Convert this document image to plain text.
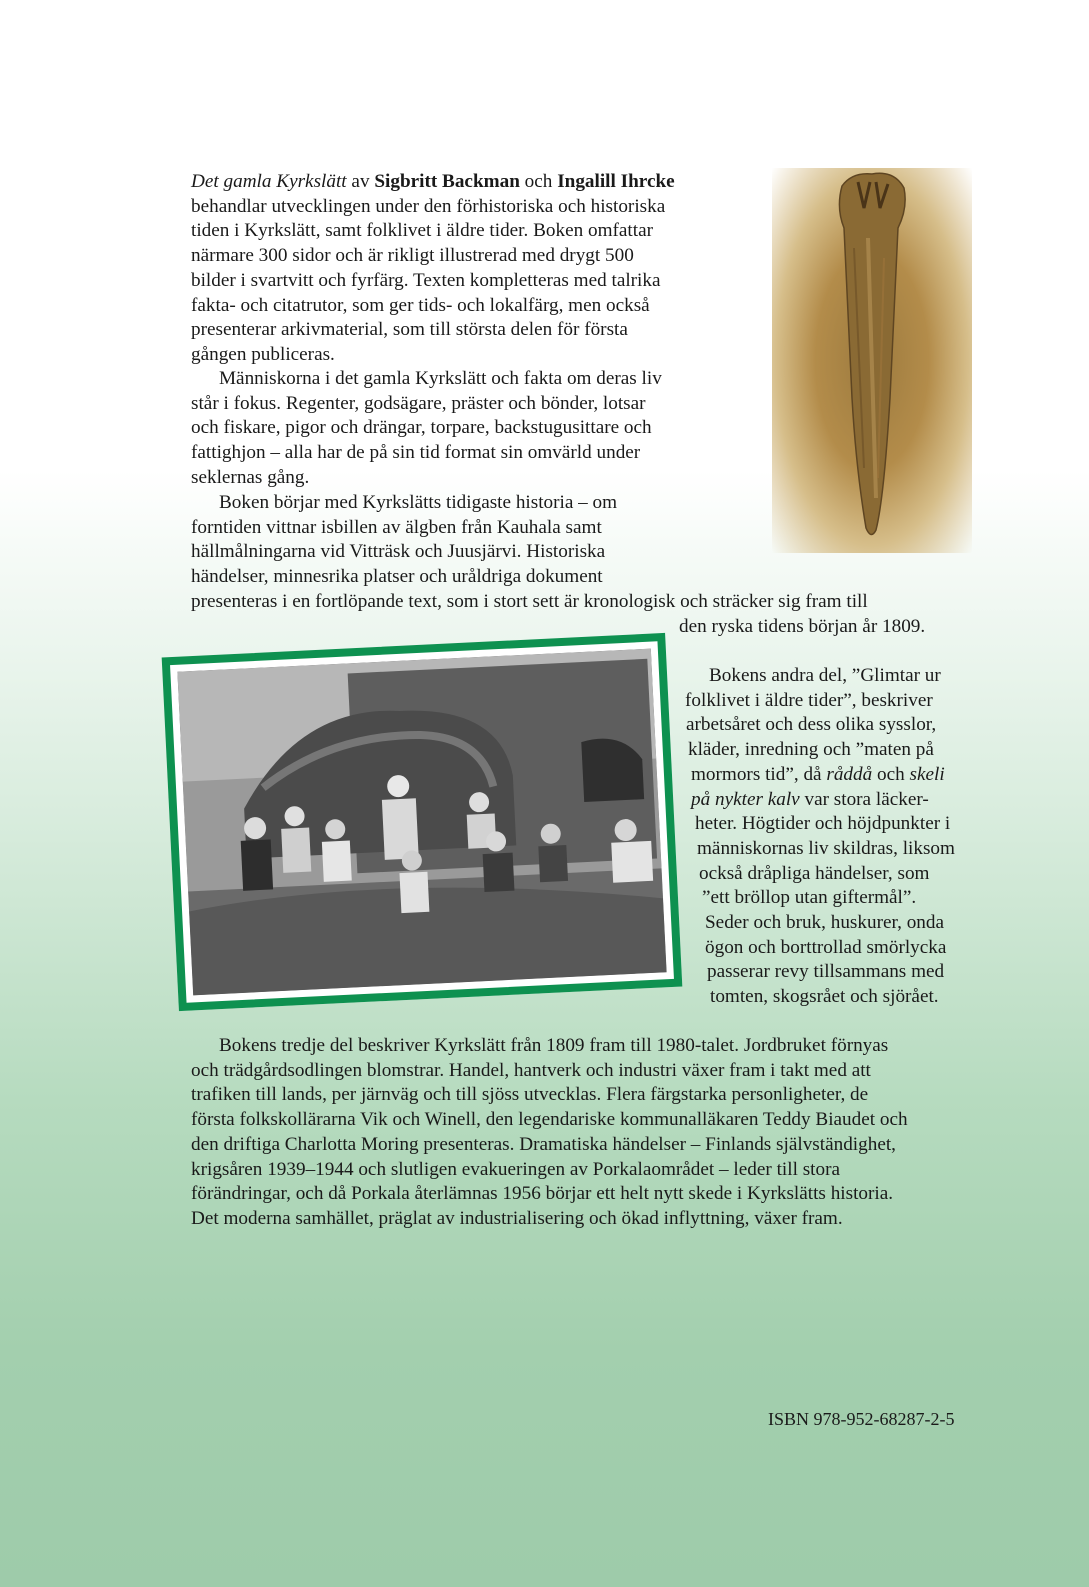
Det gamla Kyrkslätt av Sigbritt Backman och Ingalill Ihrcke
behandlar utvecklingen under den förhistoriska och historiska
tiden i Kyrkslätt, samt folklivet i äldre tider. Boken omfattar
närmare 300 sidor och är rikligt illustrerad med drygt 500
bilder i svartvitt och fyrfärg. Texten kompletteras med talrika
fakta- och citatrutor, som ger tids- och lokalfärg, men också
presenterar arkivmaterial, som till största delen för första
gången publiceras.
Människorna i det gamla Kyrkslätt och fakta om deras liv
står i fokus. Regenter, godsägare, präster och bönder, lotsar
och fiskare, pigor och drängar, torpare, backstugusittare och
fattighjon – alla har de på sin tid format sin omvärld under
seklernas gång.
Boken börjar med Kyrkslätts tidigaste historia – om
forntiden vittnar isbillen av älgben från Kauhala samt
hällmålningarna vid Vitträsk och Juusjärvi. Historiska
händelser, minnesrika platser och uråldriga dokument
presenteras i en fortlöpande text, som i stort sett är kronologisk och sträcker sig fram till
den ryska tidens början år 1809.
Bokens andra del, ”Glimtar ur
folklivet i äldre tider”, beskriver
arbetsåret och dess olika sysslor,
kläder, inredning och ”maten på
mormors tid”, då råddå och skeli
på nykter kalv var stora läcker-
heter. Högtider och höjdpunkter i
människornas liv skildras, liksom
också dråpliga händelser, som
”ett bröllop utan giftermål”.
Seder och bruk, huskurer, onda
ögon och borttrollad smörlycka
passerar revy tillsammans med
tomten, skogsrået och sjörået.
Bokens tredje del beskriver Kyrkslätt från 1809 fram till 1980-talet. Jordbruket förnyas
och trädgårdsodlingen blomstrar. Handel, hantverk och industri växer fram i takt med att
trafiken till lands, per järnväg och till sjöss utvecklas. Flera färgstarka personligheter, de
första folkskollärarna Vik och Winell, den legendariske kommunalläkaren Teddy Biaudet och
den driftiga Charlotta Moring presenteras. Dramatiska händelser – Finlands självständighet,
krigsåren 1939–1944 och slutligen evakueringen av Porkalaområdet – leder till stora
förändringar, och då Porkala återlämnas 1956 börjar ett helt nytt skede i Kyrkslätts historia.
Det moderna samhället, präglat av industrialisering och ökad inflyttning, växer fram.
ISBN 978-952-68287-2-5
